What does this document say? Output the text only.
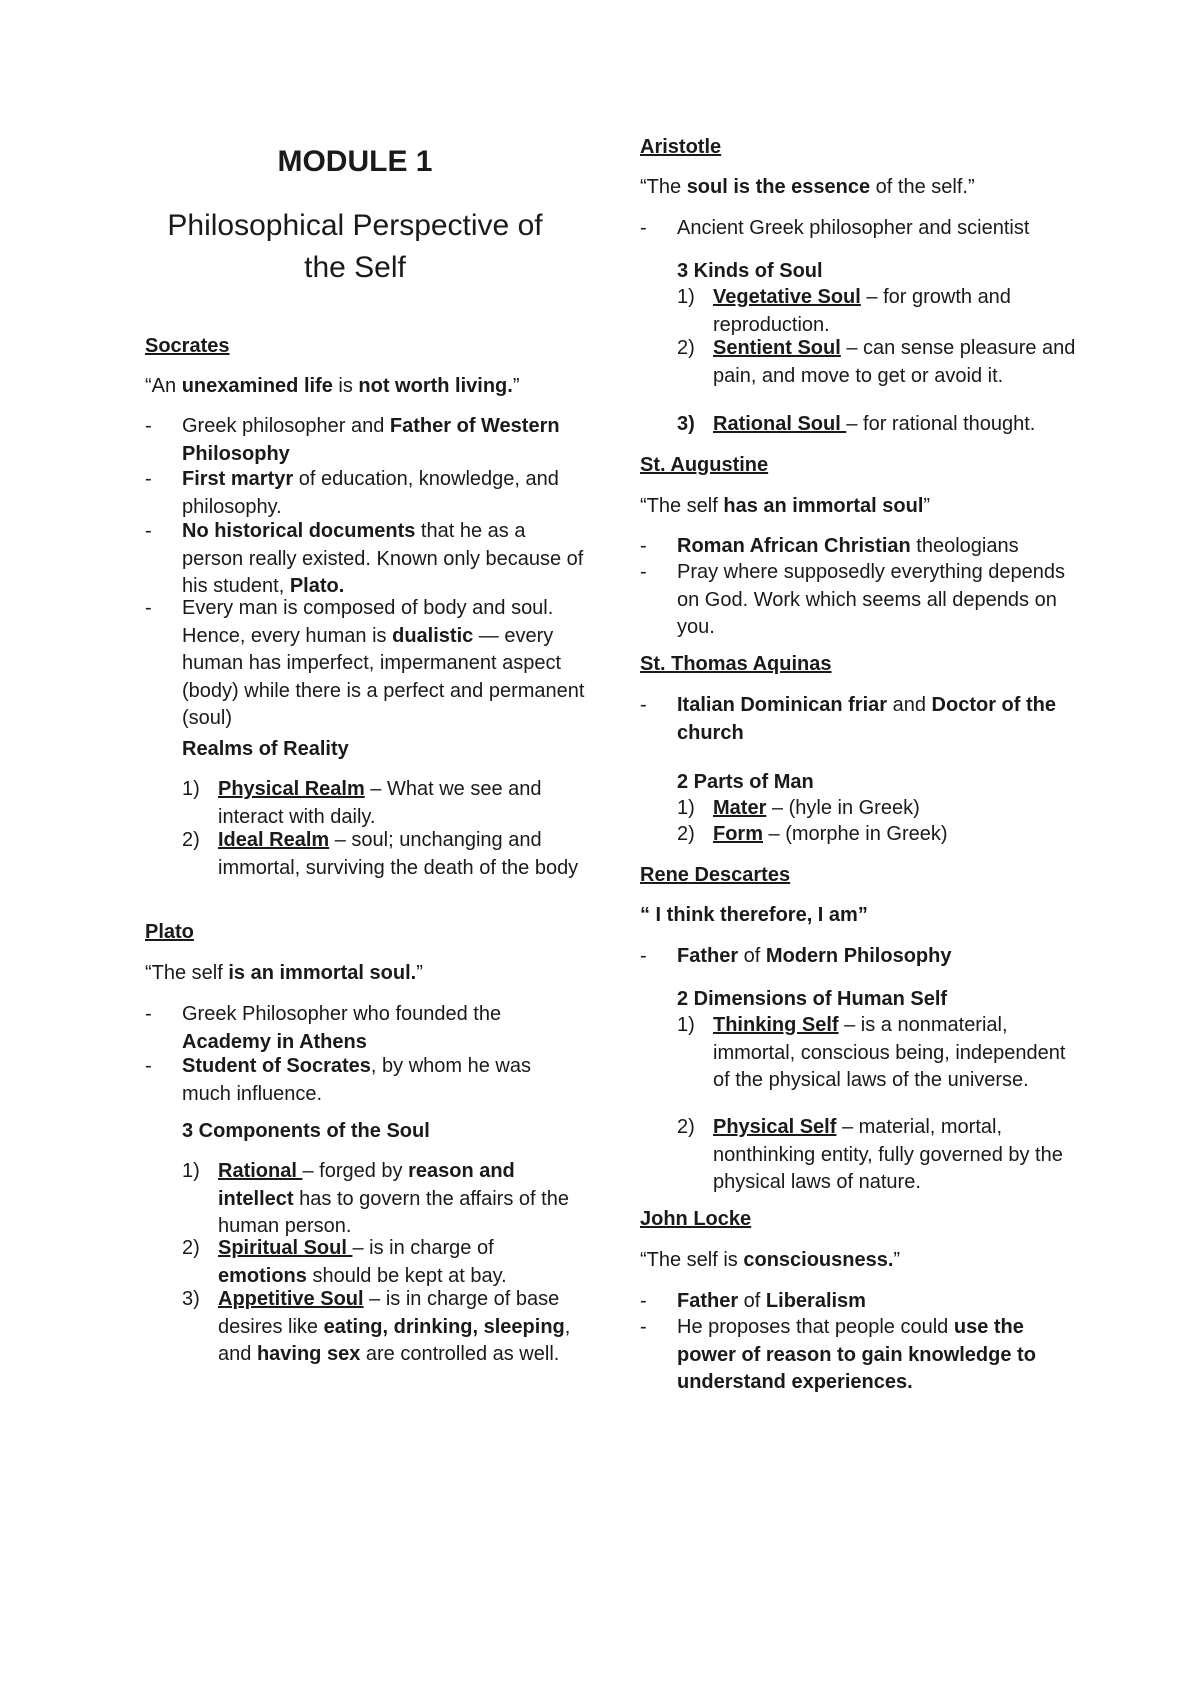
MODULE 1
Philosophical Perspective of
the Self

Socrates

“An unexamined life is not worth living.”

- Greek philosopher and Father of Western Philosophy

- First martyr of education, knowledge, and philosophy.

- No historical documents that he as a person really existed. Known only because of his student, Plato.

- Every man is composed of body and soul. Hence, every human is dualistic — every human has imperfect, impermanent aspect (body) while there is a perfect and permanent (soul)

Realms of Reality

1) Physical Realm – What we see and interact with daily.

2) Ideal Realm – soul; unchanging and immortal, surviving the death of the body

Plato

“The self is an immortal soul.”

- Greek Philosopher who founded the Academy in Athens

- Student of Socrates, by whom he was much influence.

3 Components of the Soul

1) Rational – forged by reason and intellect has to govern the affairs of the human person.

2) Spiritual Soul – is in charge of emotions should be kept at bay.

3) Appetitive Soul – is in charge of base desires like eating, drinking, sleeping, and having sex are controlled as well.

Aristotle

“The soul is the essence of the self.”

- Ancient Greek philosopher and scientist

3 Kinds of Soul

1) Vegetative Soul – for growth and reproduction.

2) Sentient Soul – can sense pleasure and pain, and move to get or avoid it.

3) Rational Soul – for rational thought.

St. Augustine

“The self has an immortal soul”

- Roman African Christian theologians

- Pray where supposedly everything depends on God. Work which seems all depends on you.

St. Thomas Aquinas

- Italian Dominican friar and Doctor of the church

2 Parts of Man

1) Mater – (hyle in Greek)

2) Form – (morphe in Greek)

Rene Descartes

“ I think therefore, I am”

- Father of Modern Philosophy

2 Dimensions of Human Self

1) Thinking Self – is a nonmaterial, immortal, conscious being, independent of the physical laws of the universe.

2) Physical Self – material, mortal, nonthinking entity, fully governed by the physical laws of nature.

John Locke

“The self is consciousness.”

- Father of Liberalism

- He proposes that people could use the power of reason to gain knowledge to understand experiences.
